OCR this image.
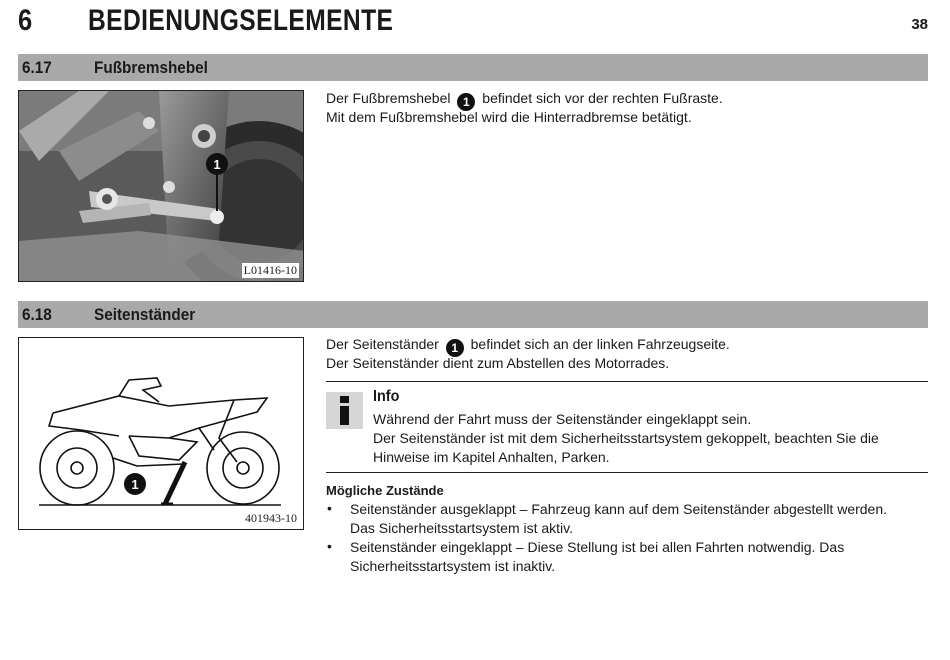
6 BEDIENUNGSELEMENTE	38
6.17 Fußbremshebel
1
L01416-10
Der Fußbremshebel 1 befindet sich vor der rechten Fußraste.
Mit dem Fußbremshebel wird die Hinterradbremse betätigt.
6.18 Seitenständer
1
401943-10
Der Seitenständer 1 befindet sich an der linken Fahrzeugseite.
Der Seitenständer dient zum Abstellen des Motorrades.
Info
Während der Fahrt muss der Seitenständer eingeklappt sein.
Der Seitenständer ist mit dem Sicherheitsstartsystem gekoppelt, beachten Sie die
Hinweise im Kapitel Anhalten, Parken.
Mögliche Zustände
• Seitenständer ausgeklappt – Fahrzeug kann auf dem Seitenständer abgestellt werden.
Das Sicherheitsstartsystem ist aktiv.
• Seitenständer eingeklappt – Diese Stellung ist bei allen Fahrten notwendig. Das
Sicherheitsstartsystem ist inaktiv.
